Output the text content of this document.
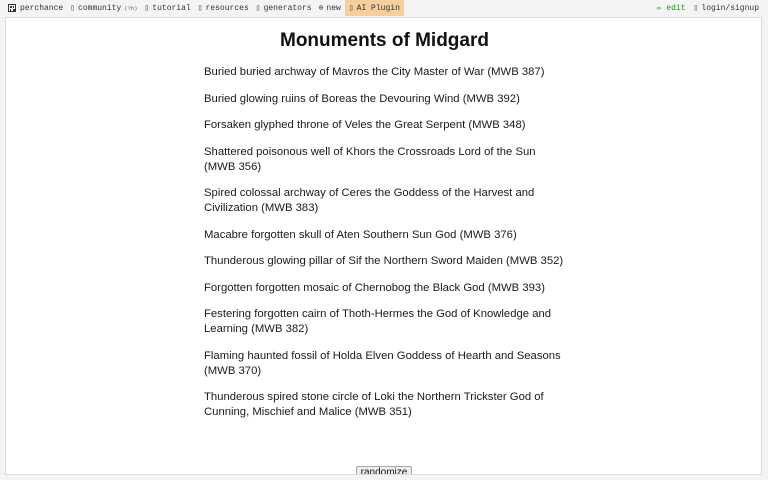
perchance ▯ community (?h) ▯ tutorial ▯ resources ▯ generators ⊕ new ▯ AI Plugin	✏ edit ▯ login/signup
Monuments of Midgard

Buried buried archway of Mavros the City Master of War (MWB 387)

Buried glowing ruins of Boreas the Devouring Wind (MWB 392)

Forsaken glyphed throne of Veles the Great Serpent (MWB 348)

Shattered poisonous well of Khors the Crossroads Lord of the Sun (MWB 356)

Spired colossal archway of Ceres the Goddess of the Harvest and Civilization (MWB 383)

Macabre forgotten skull of Aten Southern Sun God (MWB 376)

Thunderous glowing pillar of Sif the Northern Sword Maiden (MWB 352)

Forgotten forgotten mosaic of Chernobog the Black God (MWB 393)

Festering forgotten cairn of Thoth-Hermes the God of Knowledge and Learning (MWB 382)

Flaming haunted fossil of Holda Elven Goddess of Hearth and Seasons (MWB 370)

Thunderous spired stone circle of Loki the Northern Trickster God of Cunning, Mischief and Malice (MWB 351)

randomize
